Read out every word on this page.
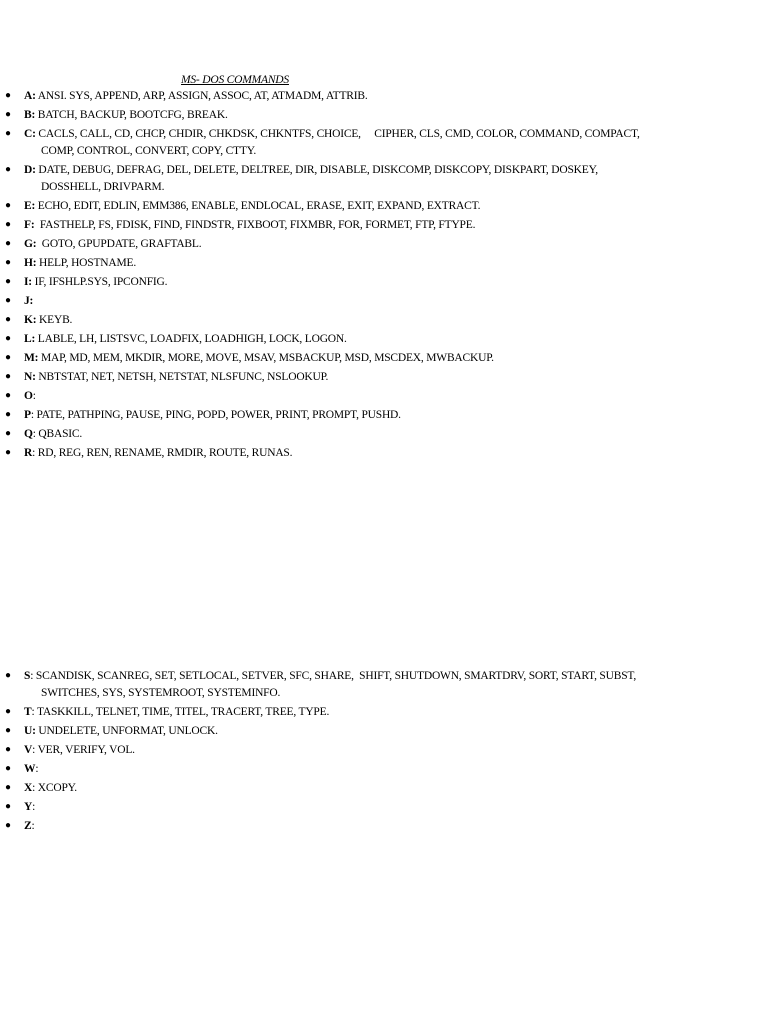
MS- DOS COMMANDS
● A: ANSI. SYS, APPEND, ARP, ASSIGN, ASSOC, AT, ATMADM, ATTRIB.
● B: BATCH, BACKUP, BOOTCFG, BREAK.
● C: CACLS, CALL, CD, CHCP, CHDIR, CHKDSK, CHKNTFS, CHOICE,     CIPHER, CLS, CMD, COLOR, COMMAND, COMPACT,
COMP, CONTROL, CONVERT, COPY, CTTY.
● D: DATE, DEBUG, DEFRAG, DEL, DELETE, DELTREE, DIR, DISABLE, DISKCOMP, DISKCOPY, DISKPART, DOSKEY,
DOSSHELL, DRIVPARM.
● E: ECHO, EDIT, EDLIN, EMM386, ENABLE, ENDLOCAL, ERASE, EXIT, EXPAND, EXTRACT.
● F:  FASTHELP, FS, FDISK, FIND, FINDSTR, FIXBOOT, FIXMBR, FOR, FORMET, FTP, FTYPE.
● G:  GOTO, GPUPDATE, GRAFTABL.
● H: HELP, HOSTNAME.
● I: IF, IFSHLP.SYS, IPCONFIG.
● J:
● K: KEYB.
● L: LABLE, LH, LISTSVC, LOADFIX, LOADHIGH, LOCK, LOGON.
● M: MAP, MD, MEM, MKDIR, MORE, MOVE, MSAV, MSBACKUP, MSD, MSCDEX, MWBACKUP.
● N: NBTSTAT, NET, NETSH, NETSTAT, NLSFUNC, NSLOOKUP.
● O:
● P: PATE, PATHPING, PAUSE, PING, POPD, POWER, PRINT, PROMPT, PUSHD.
● Q: QBASIC.
● R: RD, REG, REN, RENAME, RMDIR, ROUTE, RUNAS.
● S: SCANDISK, SCANREG, SET, SETLOCAL, SETVER, SFC, SHARE,  SHIFT, SHUTDOWN, SMARTDRV, SORT, START, SUBST,
SWITCHES, SYS, SYSTEMROOT, SYSTEMINFO.
● T: TASKKILL, TELNET, TIME, TITEL, TRACERT, TREE, TYPE.
● U: UNDELETE, UNFORMAT, UNLOCK.
● V: VER, VERIFY, VOL.
● W:
● X: XCOPY.
● Y:
● Z:
